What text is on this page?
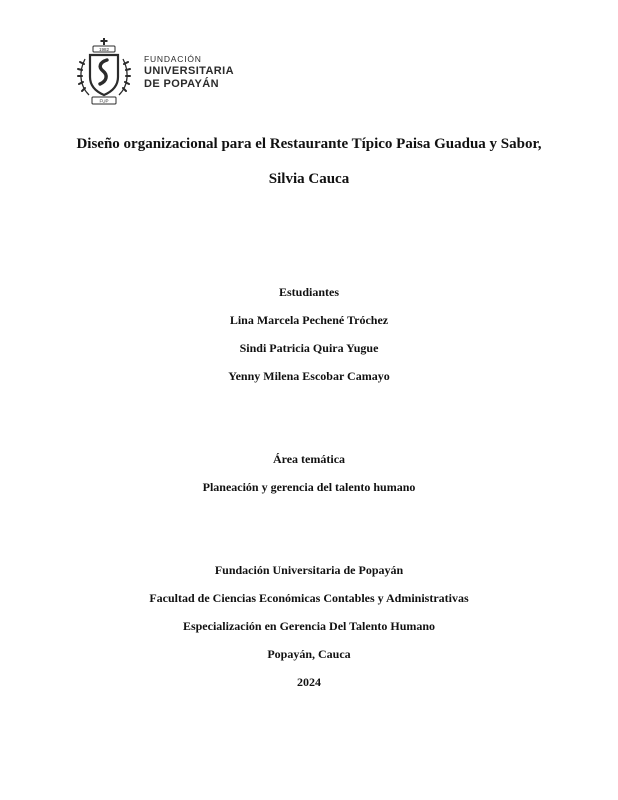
1982
FUP
FUNDACIÓN
UNIVERSITARIA
DE POPAYÁN
Diseño organizacional para el Restaurante Típico Paisa Guadua y Sabor,
Silvia Cauca
Estudiantes
Lina Marcela Pechené Tróchez
Sindi Patricia Quira Yugue
Yenny Milena Escobar Camayo
Área temática
Planeación y gerencia del talento humano
Fundación Universitaria de Popayán
Facultad de Ciencias Económicas Contables y Administrativas
Especialización en Gerencia Del Talento Humano
Popayán, Cauca
2024
